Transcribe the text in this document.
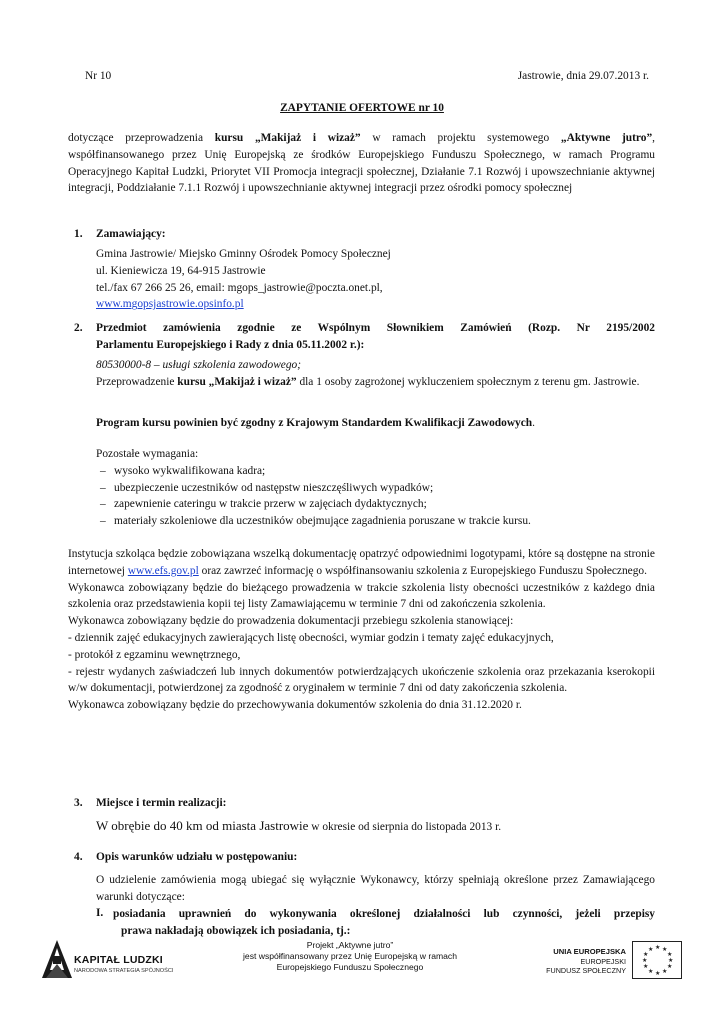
Nr 10	Jastrowie, dnia 29.07.2013 r.
ZAPYTANIE OFERTOWE nr 10
dotyczące przeprowadzenia kursu „Makijaż i wizaż” w ramach projektu systemowego „Aktywne jutro”, współfinansowanego przez Unię Europejską ze środków Europejskiego Funduszu Społecznego, w ramach Programu Operacyjnego Kapitał Ludzki, Priorytet VII Promocja integracji społecznej, Działanie 7.1 Rozwój i upowszechnianie aktywnej integracji, Poddziałanie 7.1.1 Rozwój i upowszechnianie aktywnej integracji przez ośrodki pomocy społecznej
1. Zamawiający:
Gmina Jastrowie/ Miejsko Gminny Ośrodek Pomocy Społecznej
ul. Kieniewicza 19, 64-915 Jastrowie
tel./fax 67 266 25 26, email: mgops_jastrowie@poczta.onet.pl,
www.mgopsjastrowie.opsinfo.pl
2. Przedmiot zamówienia zgodnie ze Wspólnym Słownikiem Zamówień (Rozp. Nr 2195/2002
Parlamentu Europejskiego i Rady z dnia 05.11.2002 r.):
80530000-8 – usługi szkolenia zawodowego;
Przeprowadzenie kursu „Makijaż i wizaż” dla 1 osoby zagrożonej wykluczeniem społecznym z terenu gm. Jastrowie.
Program kursu powinien być zgodny z Krajowym Standardem Kwalifikacji Zawodowych.
Pozostałe wymagania:
– wysoko wykwalifikowana kadra;
– ubezpieczenie uczestników od następstw nieszczęśliwych wypadków;
– zapewnienie cateringu w trakcie przerw w zajęciach dydaktycznych;
– materiały szkoleniowe dla uczestników obejmujące zagadnienia poruszane w trakcie kursu.

Instytucja szkoląca będzie zobowiązana wszelką dokumentację opatrzyć odpowiednimi logotypami, które są dostępne na stronie internetowej www.efs.gov.pl oraz zawrzeć informację o współfinansowaniu szkolenia z Europejskiego Funduszu Społecznego.

Wykonawca zobowiązany będzie do bieżącego prowadzenia w trakcie szkolenia listy obecności uczestników z każdego dnia szkolenia oraz przedstawienia kopii tej listy Zamawiającemu w terminie 7 dni od zakończenia szkolenia.

Wykonawca zobowiązany będzie do prowadzenia dokumentacji przebiegu szkolenia stanowiącej:

- dziennik zajęć edukacyjnych zawierających listę obecności, wymiar godzin i tematy zajęć edukacyjnych,

- protokół z egzaminu wewnętrznego,

- rejestr wydanych zaświadczeń lub innych dokumentów potwierdzających ukończenie szkolenia oraz przekazania kserokopii w/w dokumentacji, potwierdzonej za zgodność z oryginałem w terminie 7 dni od daty zakończenia szkolenia.

Wykonawca zobowiązany będzie do przechowywania dokumentów szkolenia do dnia 31.12.2020 r.

3. Miejsce i termin realizacji:
W obrębie do 40 km od miasta Jastrowie w okresie od sierpnia do listopada 2013 r.
4. Opis warunków udziału w postępowaniu:
O udzielenie zamówienia mogą ubiegać się wyłącznie Wykonawcy, którzy spełniają określone przez Zamawiającego warunki dotyczące:
I. posiadania uprawnień do wykonywania określonej działalności lub czynności, jeżeli przepisy
prawa nakładają obowiązek ich posiadania, tj.:
KAPITAŁ LUDZKI
NARODOWA STRATEGIA SPÓJNOŚCI
Projekt „Aktywne jutro”
jest współfinansowany przez Unię Europejską w ramach
Europejskiego Funduszu Społecznego
UNIA EUROPEJSKA
EUROPEJSKI
FUNDUSZ SPOŁECZNY
★ ★
★
★
★
★
★
★
★
★
★
★
